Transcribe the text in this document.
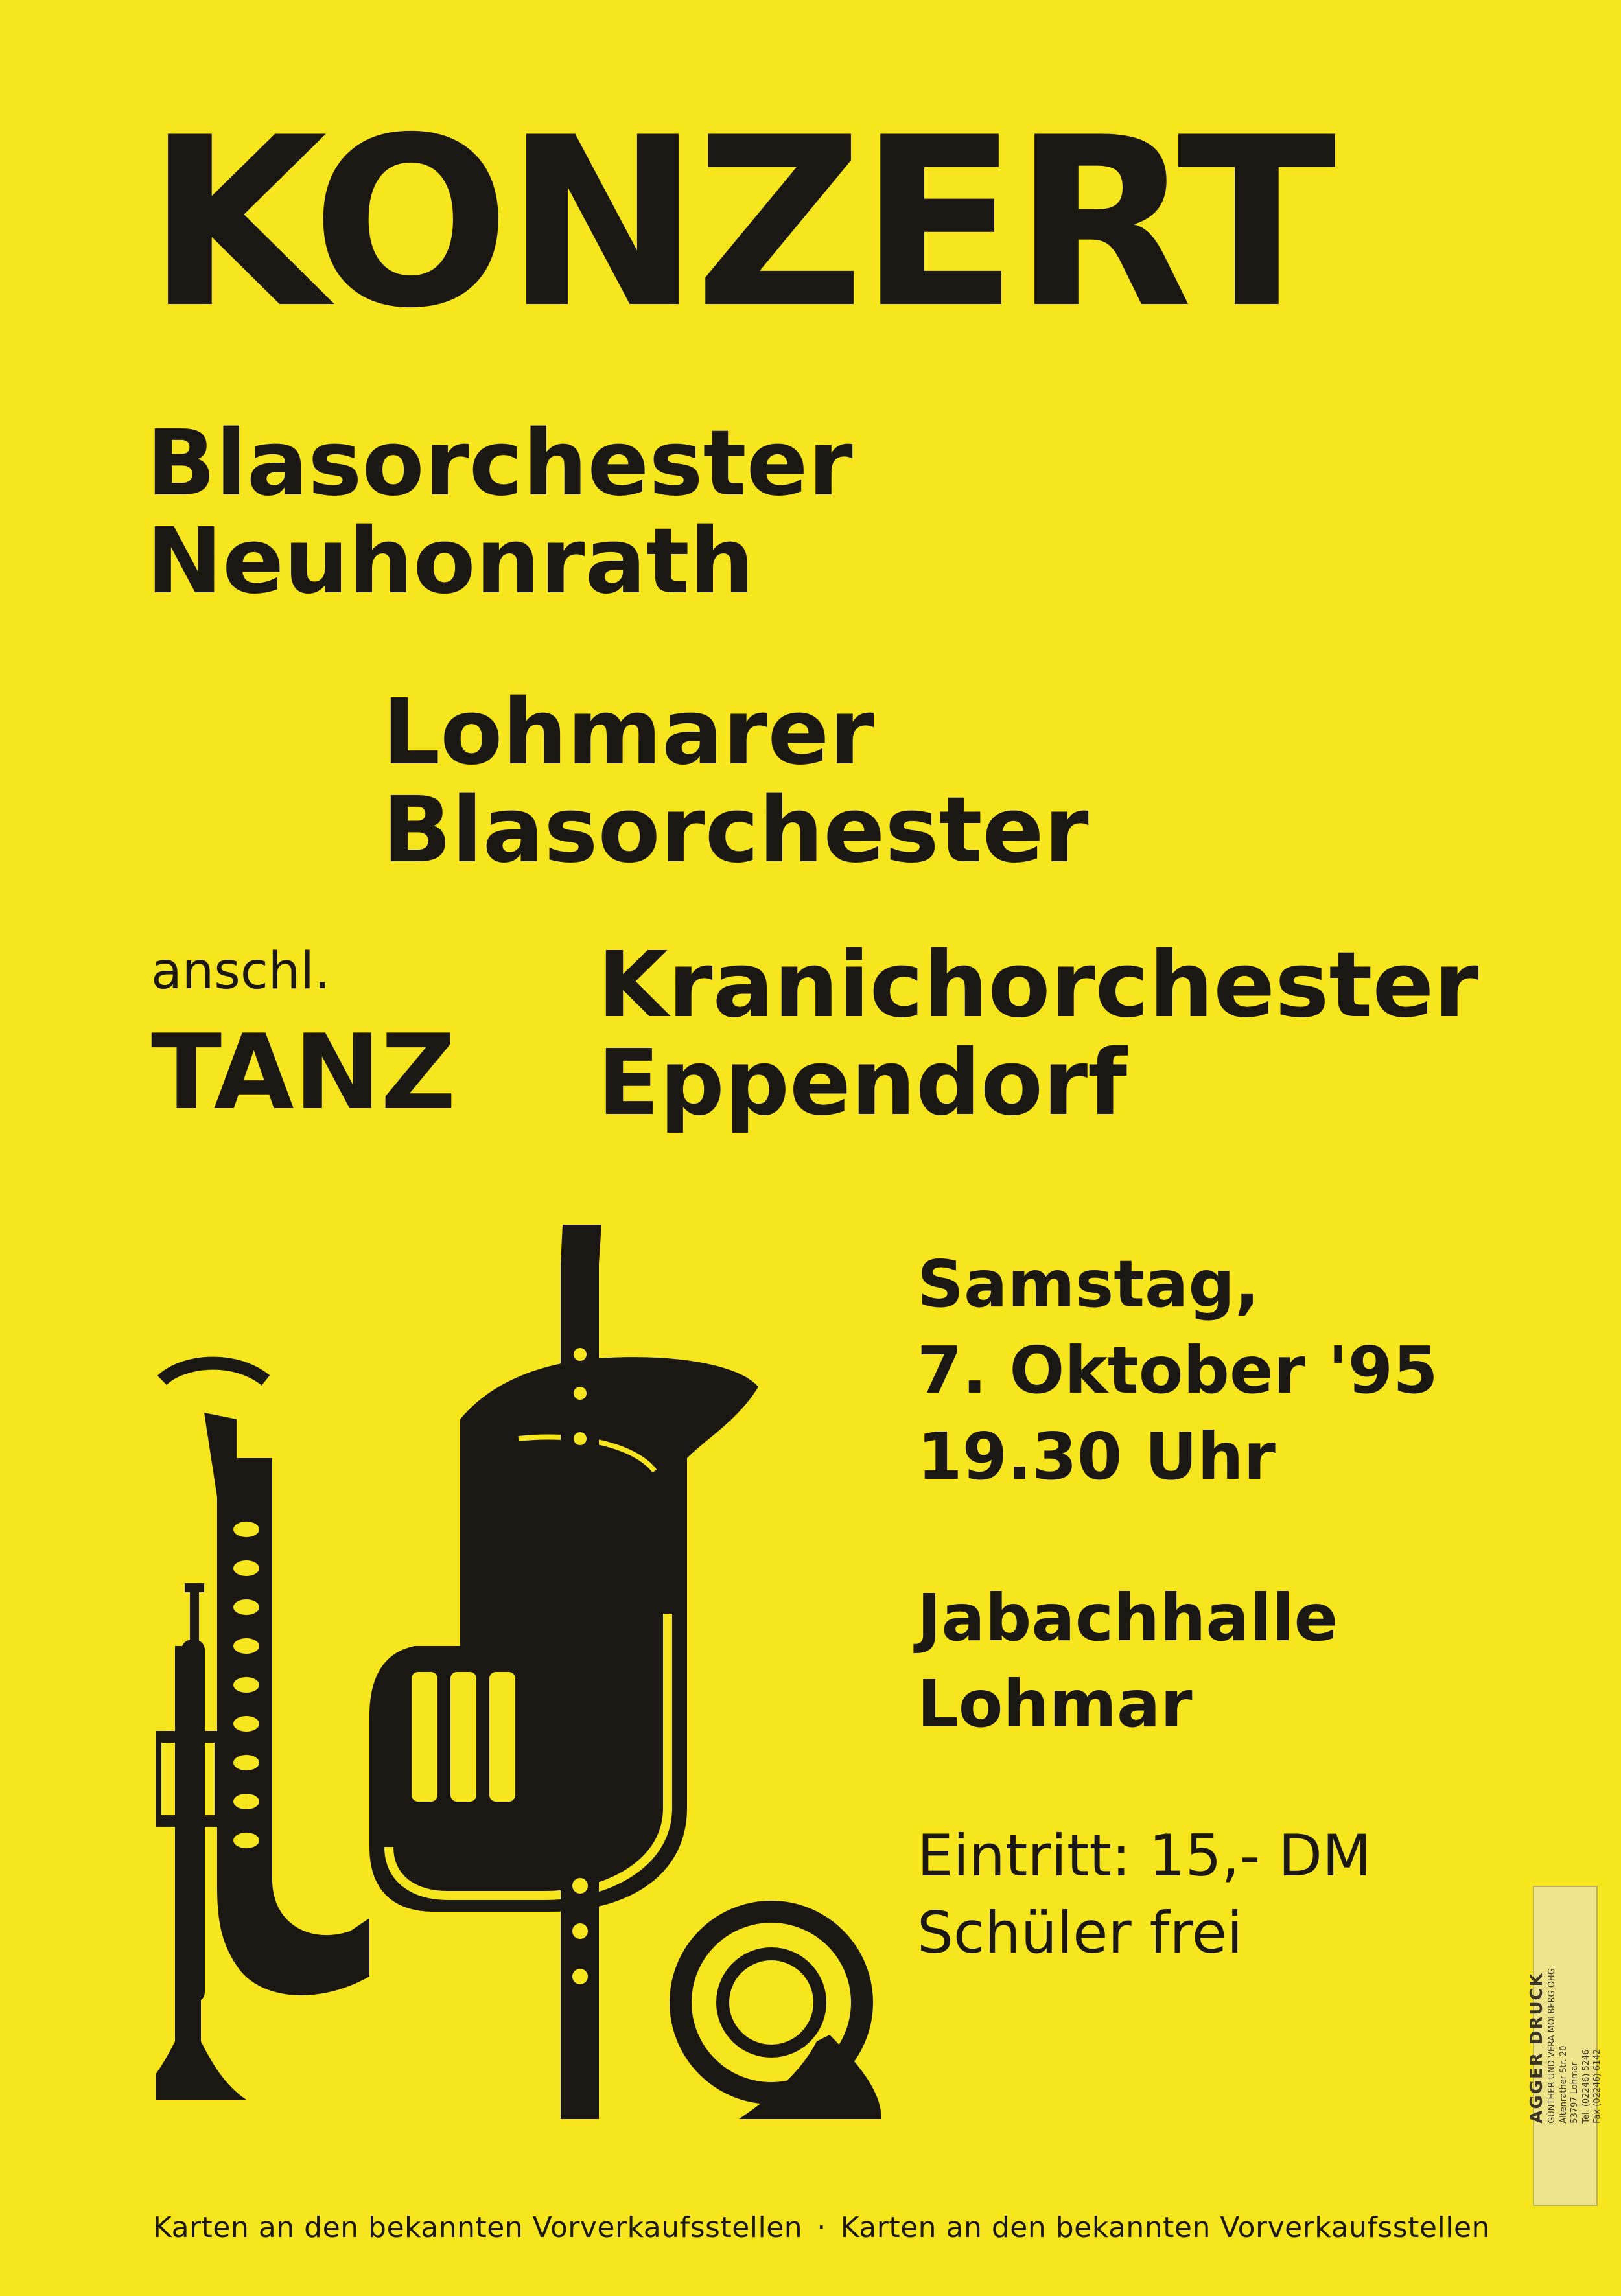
KONZERT
Blasorchester
Neuhonrath
Lohmarer
Blasorchester
anschl.
TANZ
Kranichorchester
Eppendorf
Samstag,
7. Oktober '95
19.30 Uhr
Jabachhalle
Lohmar
Eintritt: 15,- DM
Schüler frei
Karten an den bekannten Vorverkaufsstellen · Karten an den bekannten Vorverkaufsstellen
AGGER DRUCK GÜNTHER UND VERA MOLBERG OHG Altenrather Str. 20 53797 Lohmar Tel. (02246) 5246 Fax (02246) 6142
